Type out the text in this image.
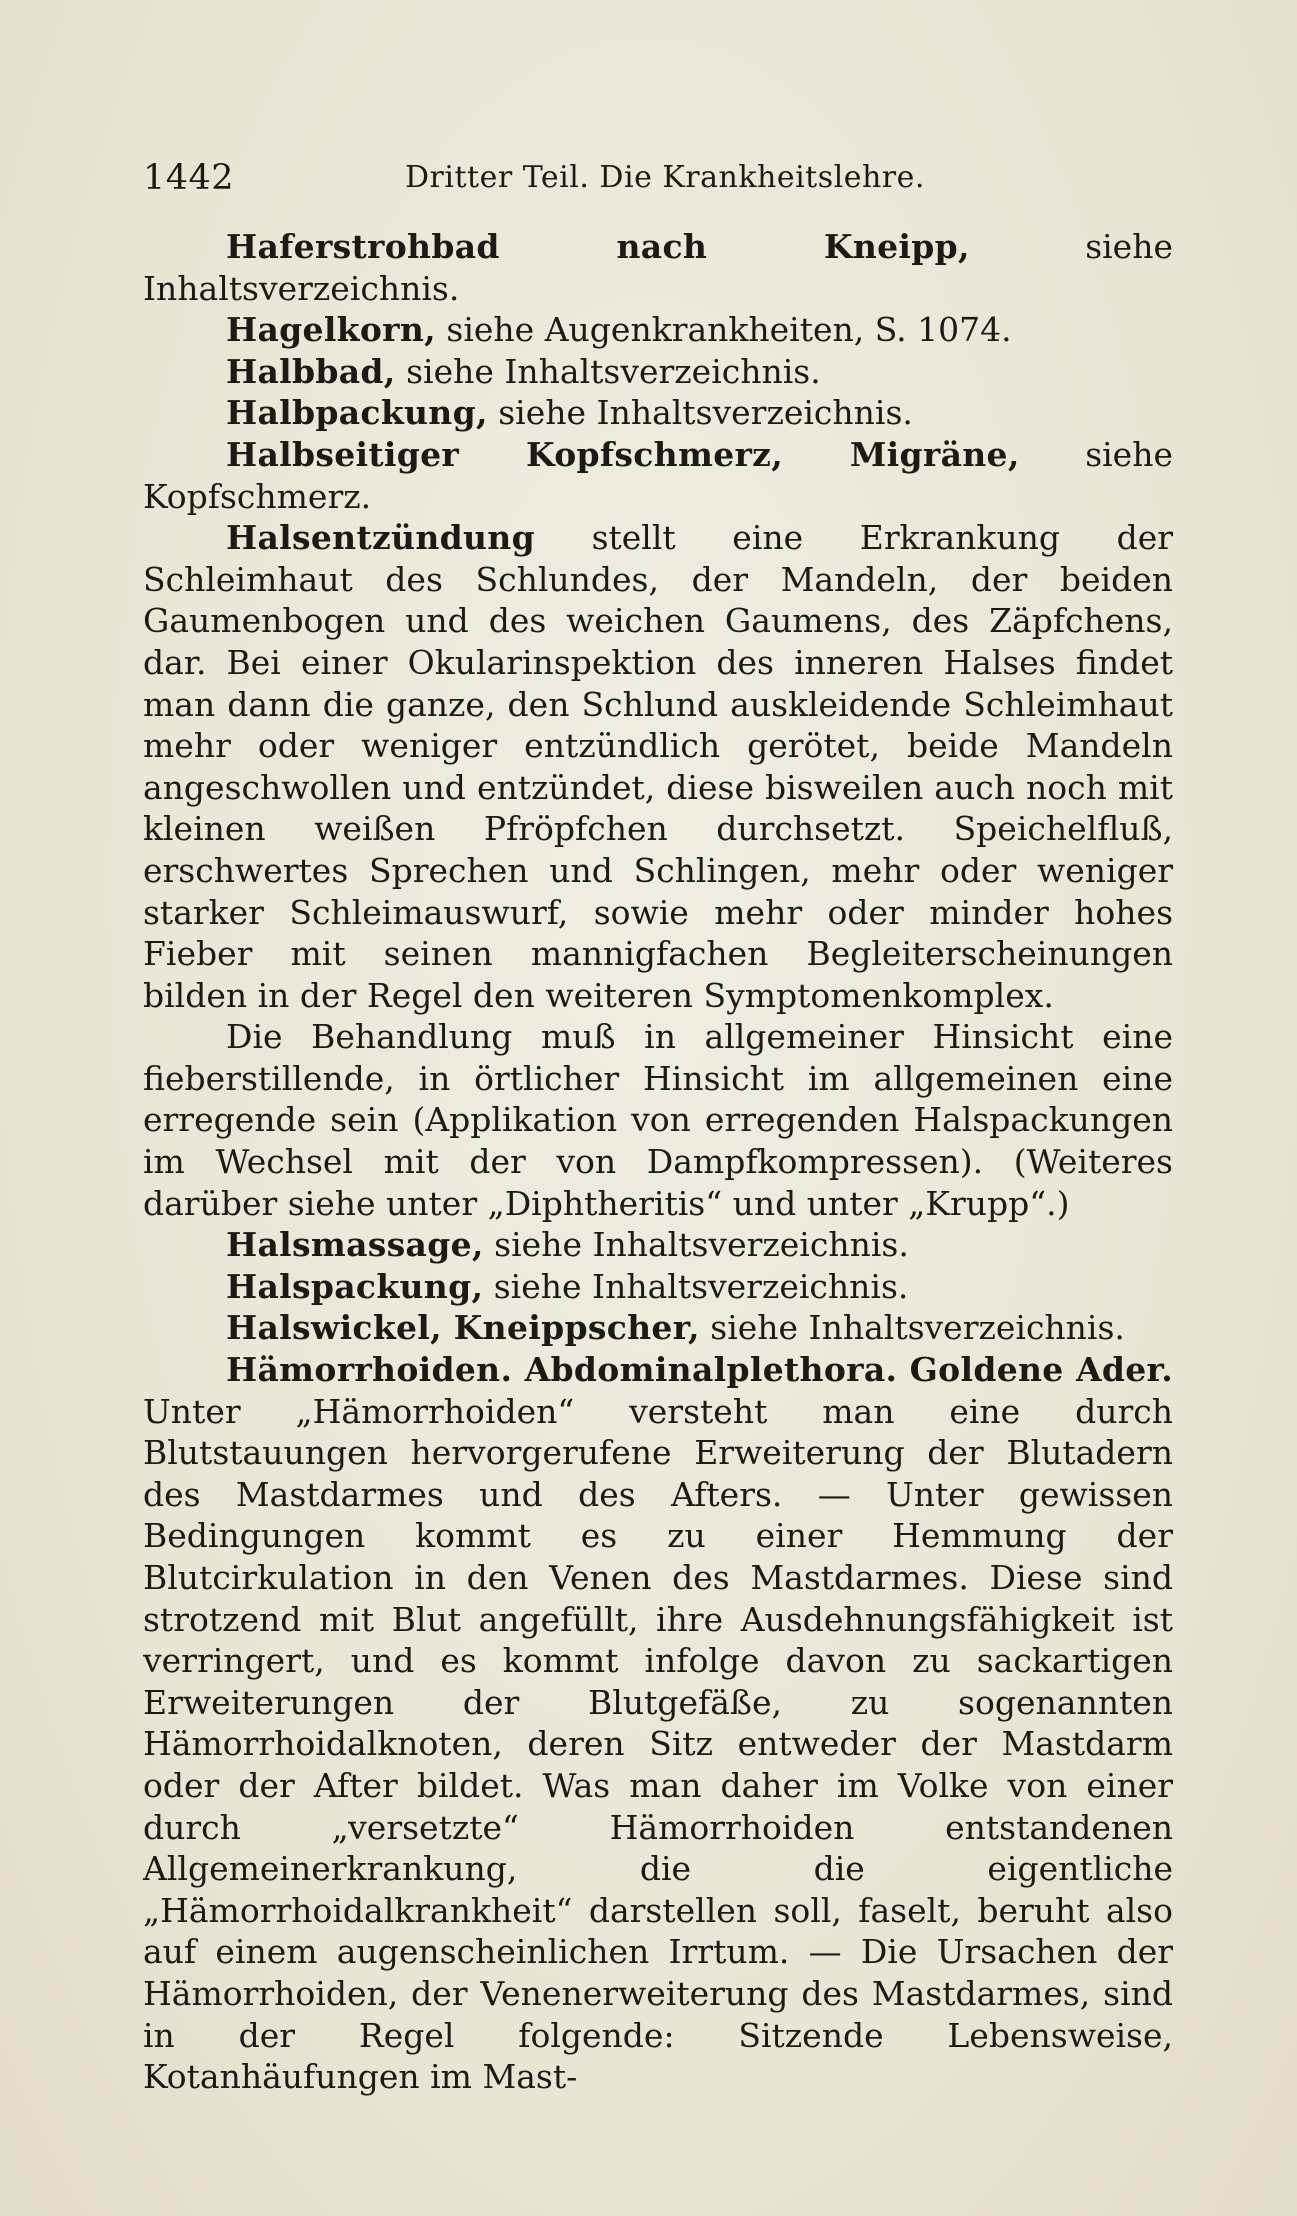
1442	Dritter Teil. Die Krankheitslehre.

Haferstrohbad nach Kneipp, siehe Inhaltsverzeichnis.

Hagelkorn, siehe Augenkrankheiten, S. 1074.

Halbbad, siehe Inhaltsverzeichnis.

Halbpackung, siehe Inhaltsverzeichnis.

Halbseitiger Kopfschmerz, Migräne, siehe Kopfschmerz.

Halsentzündung stellt eine Erkrankung der Schleimhaut des Schlundes, der Mandeln, der beiden Gaumenbogen und des weichen Gaumens, des Zäpfchens, dar. Bei einer Okularinspektion des inneren Halses findet man dann die ganze, den Schlund auskleidende Schleimhaut mehr oder weniger entzündlich gerötet, beide Mandeln angeschwollen und entzündet, diese bisweilen auch noch mit kleinen weißen Pfröpfchen durchsetzt. Speichelfluß, erschwertes Sprechen und Schlingen, mehr oder weniger starker Schleimauswurf, sowie mehr oder minder hohes Fieber mit seinen mannigfachen Begleiterscheinungen bilden in der Regel den weiteren Symptomenkomplex.

Die Behandlung muß in allgemeiner Hinsicht eine fieberstillende, in örtlicher Hinsicht im allgemeinen eine erregende sein (Applikation von erregenden Halspackungen im Wechsel mit der von Dampfkompressen). (Weiteres darüber siehe unter „Diphtheritis“ und unter „Krupp“.)

Halsmassage, siehe Inhaltsverzeichnis.

Halspackung, siehe Inhaltsverzeichnis.

Halswickel, Kneippscher, siehe Inhaltsverzeichnis.

Hämorrhoiden. Abdominalplethora. Goldene Ader. Unter „Hämorrhoiden“ versteht man eine durch Blutstauungen hervorgerufene Erweiterung der Blutadern des Mastdarmes und des Afters. — Unter gewissen Bedingungen kommt es zu einer Hemmung der Blutcirkulation in den Venen des Mastdarmes. Diese sind strotzend mit Blut angefüllt, ihre Ausdehnungsfähigkeit ist verringert, und es kommt infolge davon zu sackartigen Erweiterungen der Blutgefäße, zu sogenannten Hämorrhoidalknoten, deren Sitz entweder der Mastdarm oder der After bildet. Was man daher im Volke von einer durch „versetzte“ Hämorrhoiden entstandenen Allgemeinerkrankung, die die eigentliche „Hämorrhoidalkrankheit“ darstellen soll, faselt, beruht also auf einem augenscheinlichen Irrtum. — Die Ursachen der Hämorrhoiden, der Venenerweiterung des Mastdarmes, sind in der Regel folgende: Sitzende Lebensweise, Kotanhäufungen im Mast-
